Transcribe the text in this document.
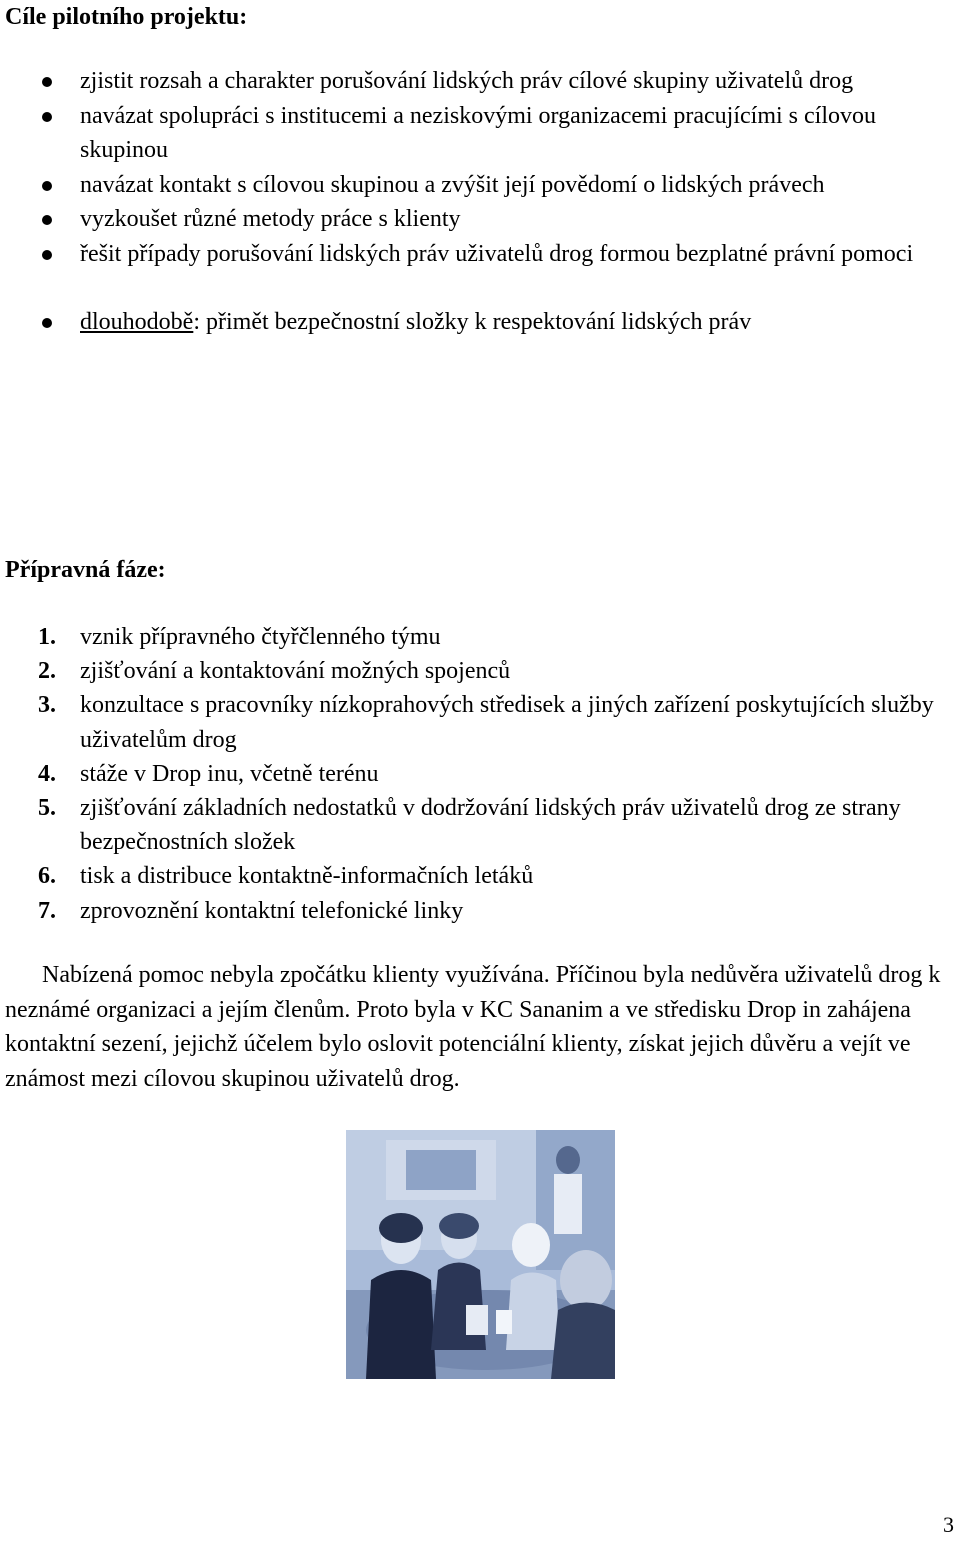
Cíle pilotního projektu:
zjistit rozsah a charakter porušování lidských práv cílové skupiny uživatelů drog
navázat spolupráci s institucemi a neziskovými organizacemi pracujícími s cílovou skupinou
navázat kontakt s cílovou skupinou a zvýšit její povědomí o lidských právech
vyzkoušet různé metody práce s klienty
řešit případy porušování lidských práv uživatelů drog formou bezplatné právní pomoci
dlouhodobě: přimět bezpečnostní složky k respektování lidských práv
Přípravná fáze:
1. vznik přípravného čtyřčlenného týmu
2. zjišťování a kontaktování možných spojenců
3. konzultace s pracovníky nízkoprahových středisek a jiných zařízení poskytujících služby uživatelům drog
4. stáže v Drop inu, včetně terénu
5. zjišťování základních nedostatků v dodržování lidských práv uživatelů drog ze strany bezpečnostních složek
6. tisk a distribuce kontaktně-informačních letáků
7. zprovoznění kontaktní telefonické linky

Nabízená pomoc nebyla zpočátku klienty využívána. Příčinou byla nedůvěra uživatelů drog k neznámé organizaci a jejím členům. Proto byla v KC Sananim a ve středisku Drop in zahájena kontaktní sezení, jejichž účelem bylo oslovit potenciální klienty, získat jejich důvěru a vejít ve známost mezi cílovou skupinou uživatelů drog.

3
